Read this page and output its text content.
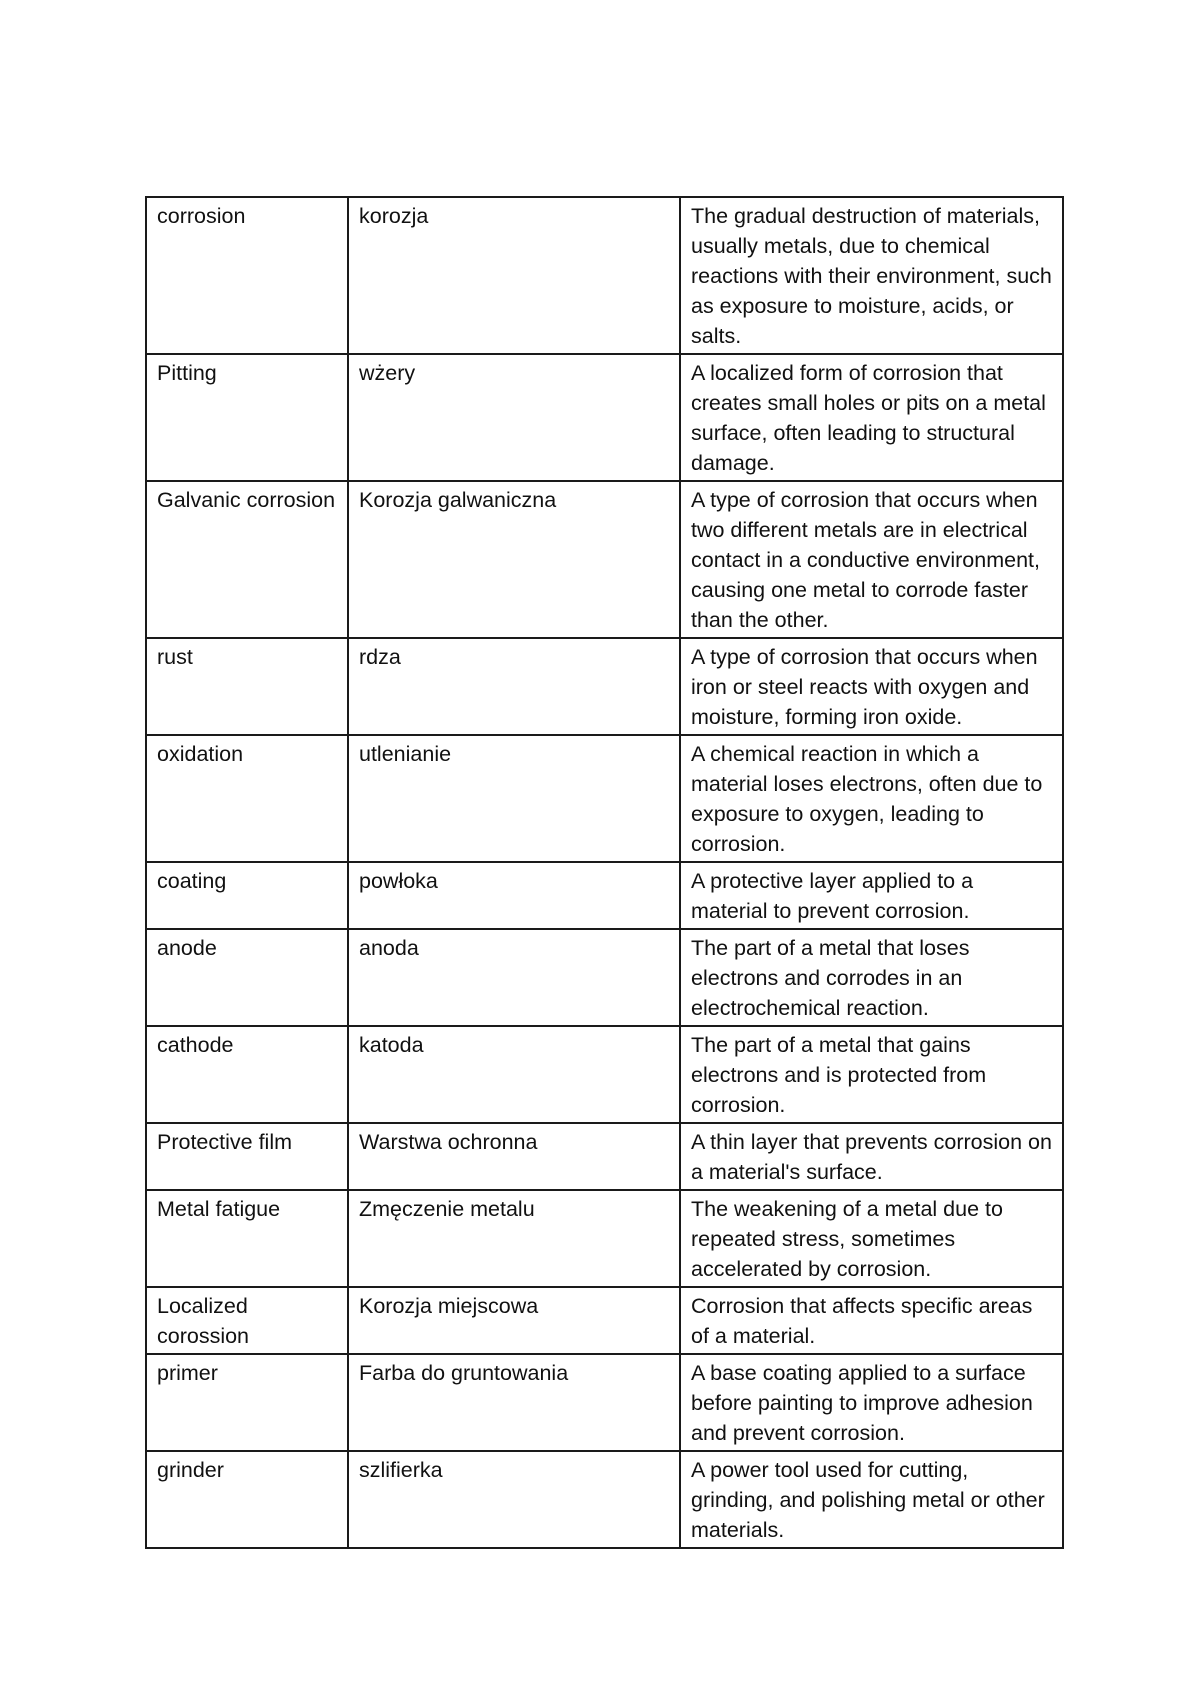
corrosion	korozja	The gradual destruction of materials, usually metals, due to chemical reactions with their environment, such as exposure to moisture, acids, or salts.
Pitting	wżery	A localized form of corrosion that creates small holes or pits on a metal surface, often leading to structural damage.
Galvanic corrosion	Korozja galwaniczna	A type of corrosion that occurs when two different metals are in electrical contact in a conductive environment, causing one metal to corrode faster than the other.
rust	rdza	A type of corrosion that occurs when iron or steel reacts with oxygen and moisture, forming iron oxide.
oxidation	utlenianie	A chemical reaction in which a material loses electrons, often due to exposure to oxygen, leading to corrosion.
coating	powłoka	A protective layer applied to a material to prevent corrosion.
anode	anoda	The part of a metal that loses electrons and corrodes in an electrochemical reaction.
cathode	katoda	The part of a metal that gains electrons and is protected from corrosion.
Protective film	Warstwa ochronna	A thin layer that prevents corrosion on a material's surface.
Metal fatigue	Zmęczenie metalu	The weakening of a metal due to repeated stress, sometimes accelerated by corrosion.
Localized corossion	Korozja miejscowa	Corrosion that affects specific areas of a material.
primer	Farba do gruntowania	A base coating applied to a surface before painting to improve adhesion and prevent corrosion.
grinder	szlifierka	A power tool used for cutting, grinding, and polishing metal or other materials.
